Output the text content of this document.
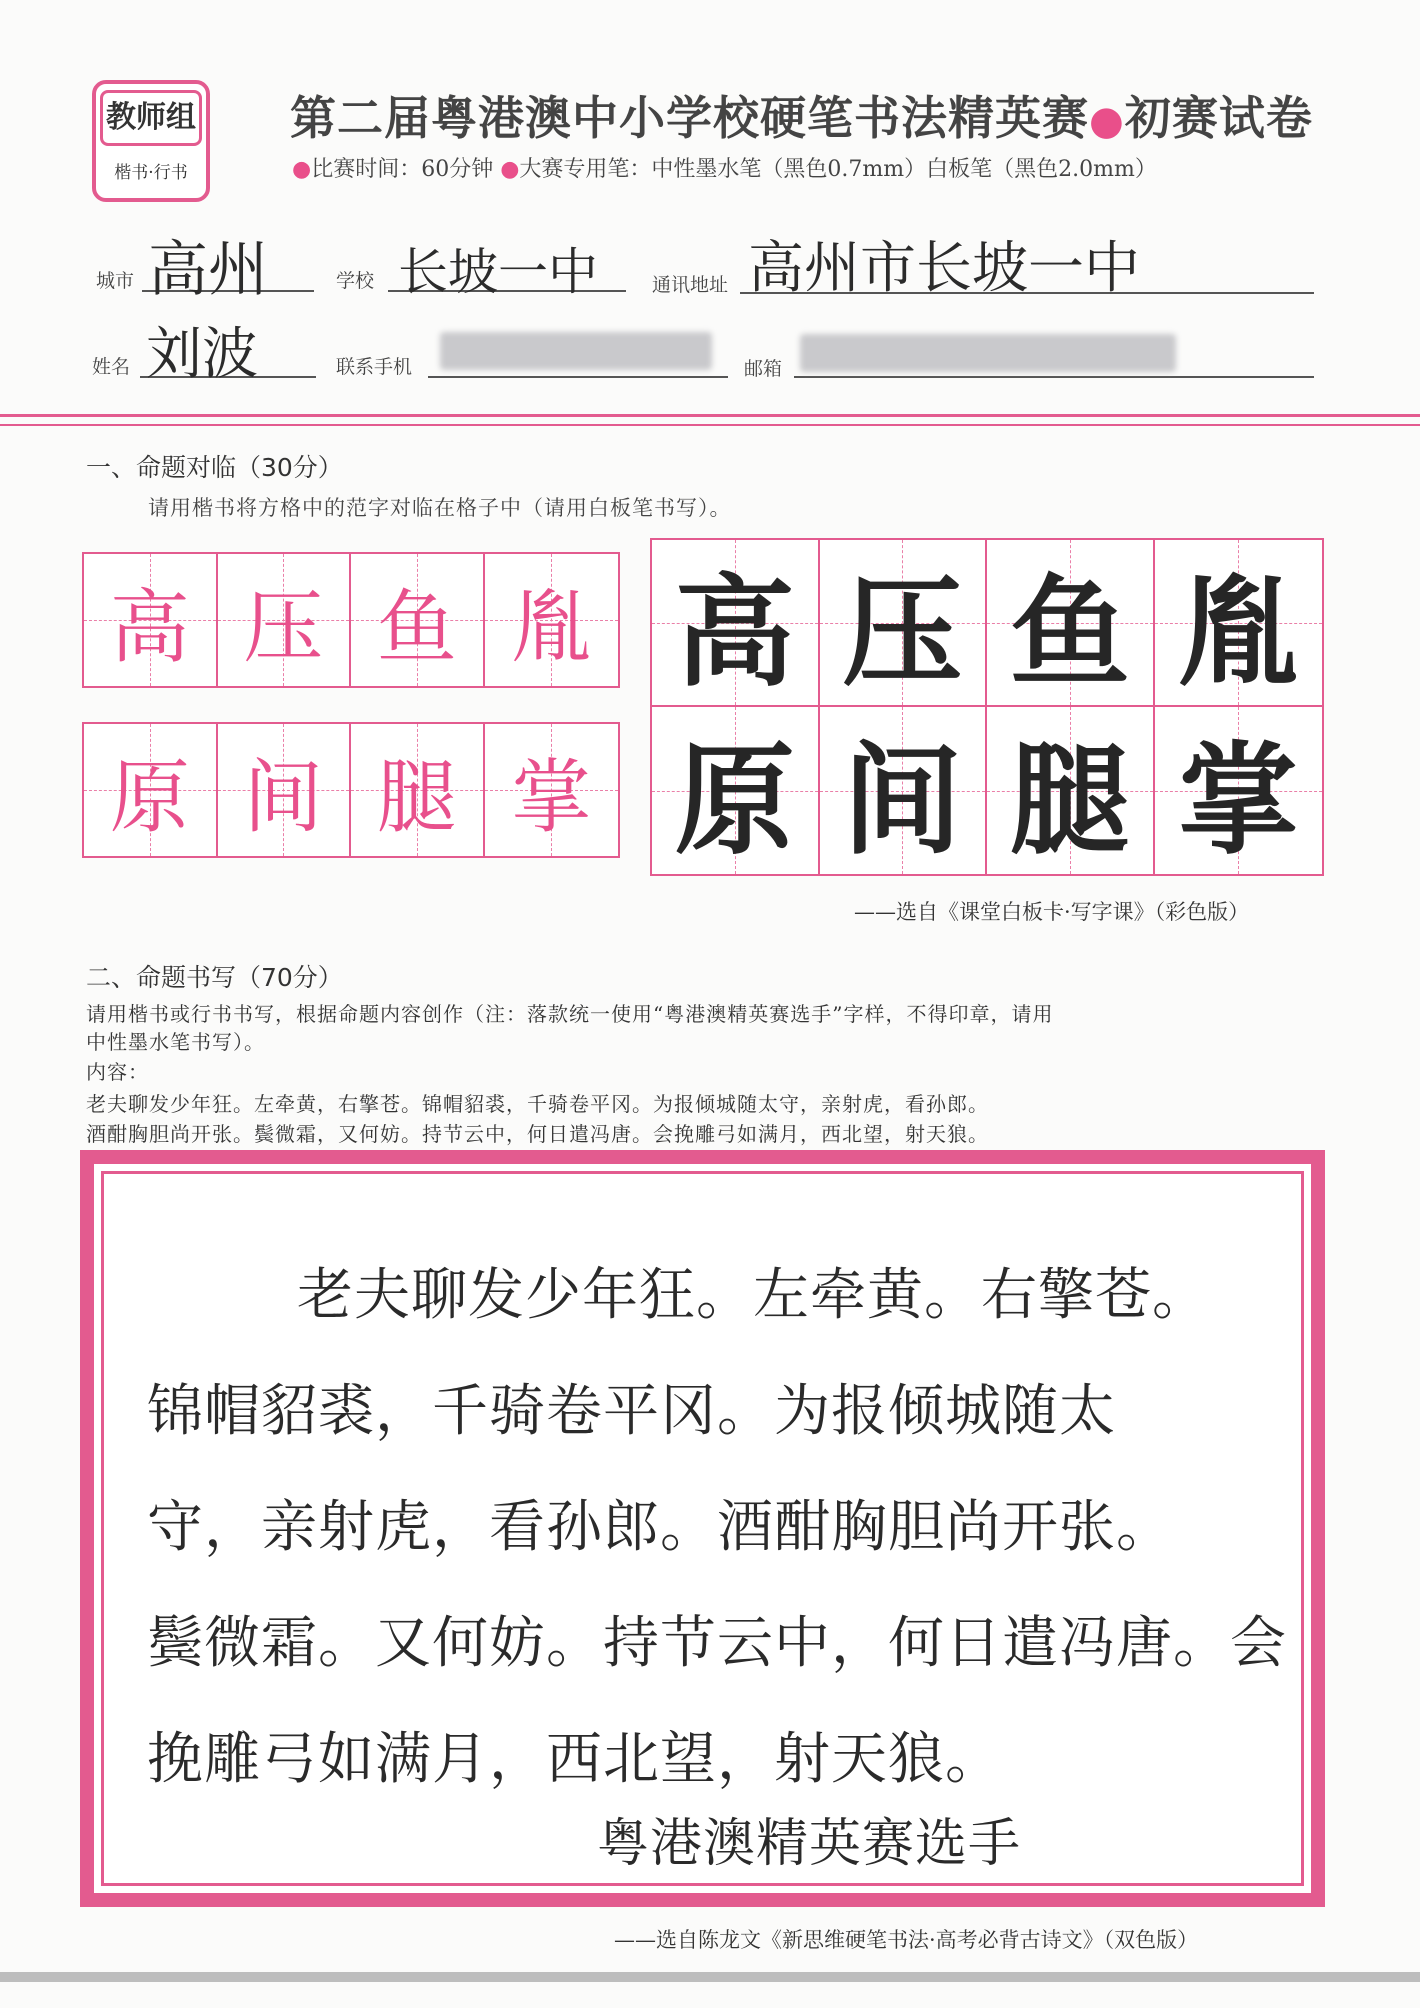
教师组
楷书·行书
第二届粤港澳中小学校硬笔书法精英赛●初赛试卷
●比赛时间：60分钟 ●大赛专用笔：中性墨水笔（黑色0.7mm）白板笔（黑色2.0mm）
城市 高州	学校 长坡一中	通讯地址 高州市长坡一中
姓名 刘波	联系手机	邮箱
一、命题对临（30分）
请用楷书将方格中的范字对临在格子中（请用白板笔书写）。
高 压 鱼 胤
原 间 腿 掌
高 压 鱼 胤
原 间 腿 掌
——选自《课堂白板卡·写字课》（彩色版）
二、命题书写（70分）
请用楷书或行书书写，根据命题内容创作（注：落款统一使用“粤港澳精英赛选手”字样，不得印章，请用
中性墨水笔书写）。
内容：
老夫聊发少年狂。左牵黄，右擎苍。锦帽貂裘，千骑卷平冈。为报倾城随太守，亲射虎，看孙郎。
酒酣胸胆尚开张。鬓微霜，又何妨。持节云中，何日遣冯唐。会挽雕弓如满月，西北望，射天狼。
老夫聊发少年狂。左牵黄。右擎苍。
锦帽貂裘，千骑卷平冈。为报倾城随太
守，亲射虎，看孙郎。酒酣胸胆尚开张。
鬓微霜。又何妨。持节云中，何日遣冯唐。会
挽雕弓如满月，西北望，射天狼。
粤港澳精英赛选手
——选自陈龙文《新思维硬笔书法·高考必背古诗文》（双色版）
